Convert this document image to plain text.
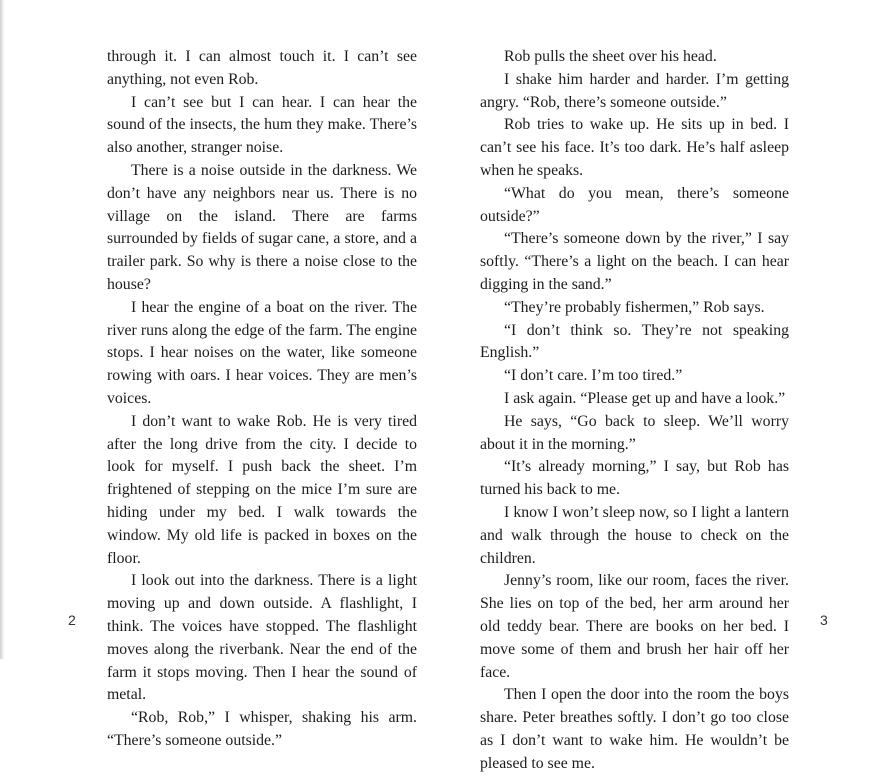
through it. I can almost touch it. I can’t see anything, not even Rob.

I can’t see but I can hear. I can hear the sound of the insects, the hum they make. There’s also another, stranger noise.

There is a noise outside in the darkness. We don’t have any neighbors near us. There is no village on the island. There are farms surrounded by fields of sugar cane, a store, and a trailer park. So why is there a noise close to the house?

I hear the engine of a boat on the river. The river runs along the edge of the farm. The engine stops. I hear noises on the water, like someone rowing with oars. I hear voices. They are men’s voices.

I don’t want to wake Rob. He is very tired after the long drive from the city. I decide to look for myself. I push back the sheet. I’m frightened of stepping on the mice I’m sure are hiding under my bed. I walk towards the window. My old life is packed in boxes on the floor.

I look out into the darkness. There is a light moving up and down outside. A flashlight, I think. The voices have stopped. The flashlight moves along the riverbank. Near the end of the farm it stops moving. Then I hear the sound of metal.

“Rob, Rob,” I whisper, shaking his arm. “There’s someone outside.”

Rob pulls the sheet over his head.

I shake him harder and harder. I’m getting angry. “Rob, there’s someone outside.”

Rob tries to wake up. He sits up in bed. I can’t see his face. It’s too dark. He’s half asleep when he speaks.

“What do you mean, there’s someone outside?”

“There’s someone down by the river,” I say softly. “There’s a light on the beach. I can hear digging in the sand.”

“They’re probably fishermen,” Rob says.

“I don’t think so. They’re not speaking English.”

“I don’t care. I’m too tired.”

I ask again. “Please get up and have a look.”

He says, “Go back to sleep. We’ll worry about it in the morning.”

“It’s already morning,” I say, but Rob has turned his back to me.

I know I won’t sleep now, so I light a lantern and walk through the house to check on the children.

Jenny’s room, like our room, faces the river. She lies on top of the bed, her arm around her old teddy bear. There are books on her bed. I move some of them and brush her hair off her face.

Then I open the door into the room the boys share. Peter breathes softly. I don’t go too close as I don’t want to wake him. He wouldn’t be pleased to see me.

2	3
